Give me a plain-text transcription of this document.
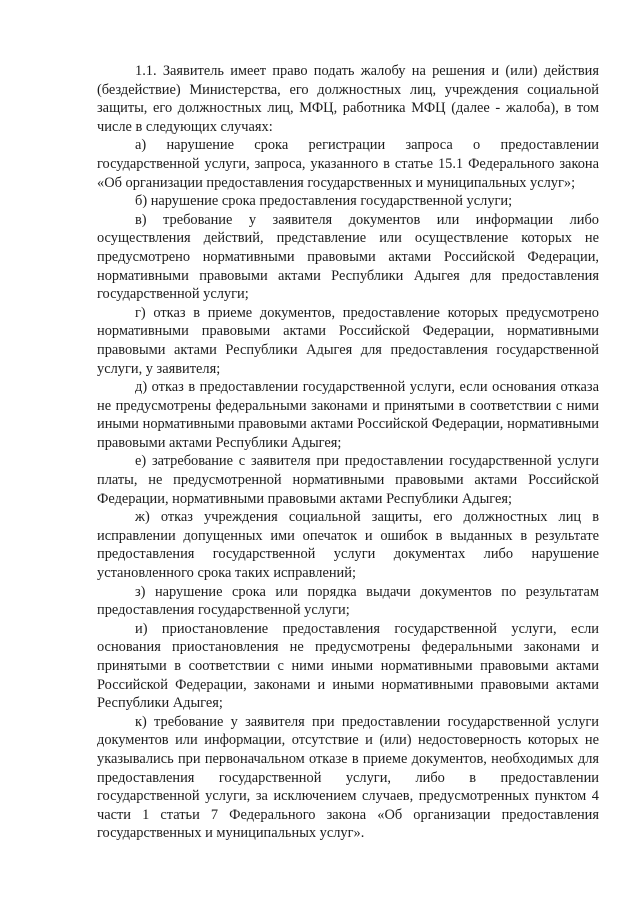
1.1. Заявитель имеет право подать жалобу на решения и (или) действия (бездействие) Министерства, его должностных лиц, учреждения социальной защиты, его должностных лиц, МФЦ, работника МФЦ (далее - жалоба), в том числе в следующих случаях:

а) нарушение срока регистрации запроса о предоставлении государственной услуги, запроса, указанного в статье 15.1 Федерального закона «Об организации предоставления государственных и муниципальных услуг»;

б) нарушение срока предоставления государственной услуги;

в) требование у заявителя документов или информации либо осуществления действий, представление или осуществление которых не предусмотрено нормативными правовыми актами Российской Федерации, нормативными правовыми актами Республики Адыгея для предоставления государственной услуги;

г) отказ в приеме документов, предоставление которых предусмотрено нормативными правовыми актами Российской Федерации, нормативными правовыми актами Республики Адыгея для предоставления государственной услуги, у заявителя;

д) отказ в предоставлении государственной услуги, если основания отказа не предусмотрены федеральными законами и принятыми в соответствии с ними иными нормативными правовыми актами Российской Федерации, нормативными правовыми актами Республики Адыгея;

е) затребование с заявителя при предоставлении государственной услуги платы, не предусмотренной нормативными правовыми актами Российской Федерации, нормативными правовыми актами Республики Адыгея;

ж) отказ учреждения социальной защиты, его должностных лиц в исправлении допущенных ими опечаток и ошибок в выданных в результате предоставления государственной услуги документах либо нарушение установленного срока таких исправлений;

з) нарушение срока или порядка выдачи документов по результатам предоставления государственной услуги;

и) приостановление предоставления государственной услуги, если основания приостановления не предусмотрены федеральными законами и принятыми в соответствии с ними иными нормативными правовыми актами Российской Федерации, законами и иными нормативными правовыми актами Республики Адыгея;

к) требование у заявителя при предоставлении государственной услуги документов или информации, отсутствие и (или) недостоверность которых не указывались при первоначальном отказе в приеме документов, необходимых для предоставления государственной услуги, либо в предоставлении государственной услуги, за исключением случаев, предусмотренных пунктом 4 части 1 статьи 7 Федерального закона «Об организации предоставления государственных и муниципальных услуг».
